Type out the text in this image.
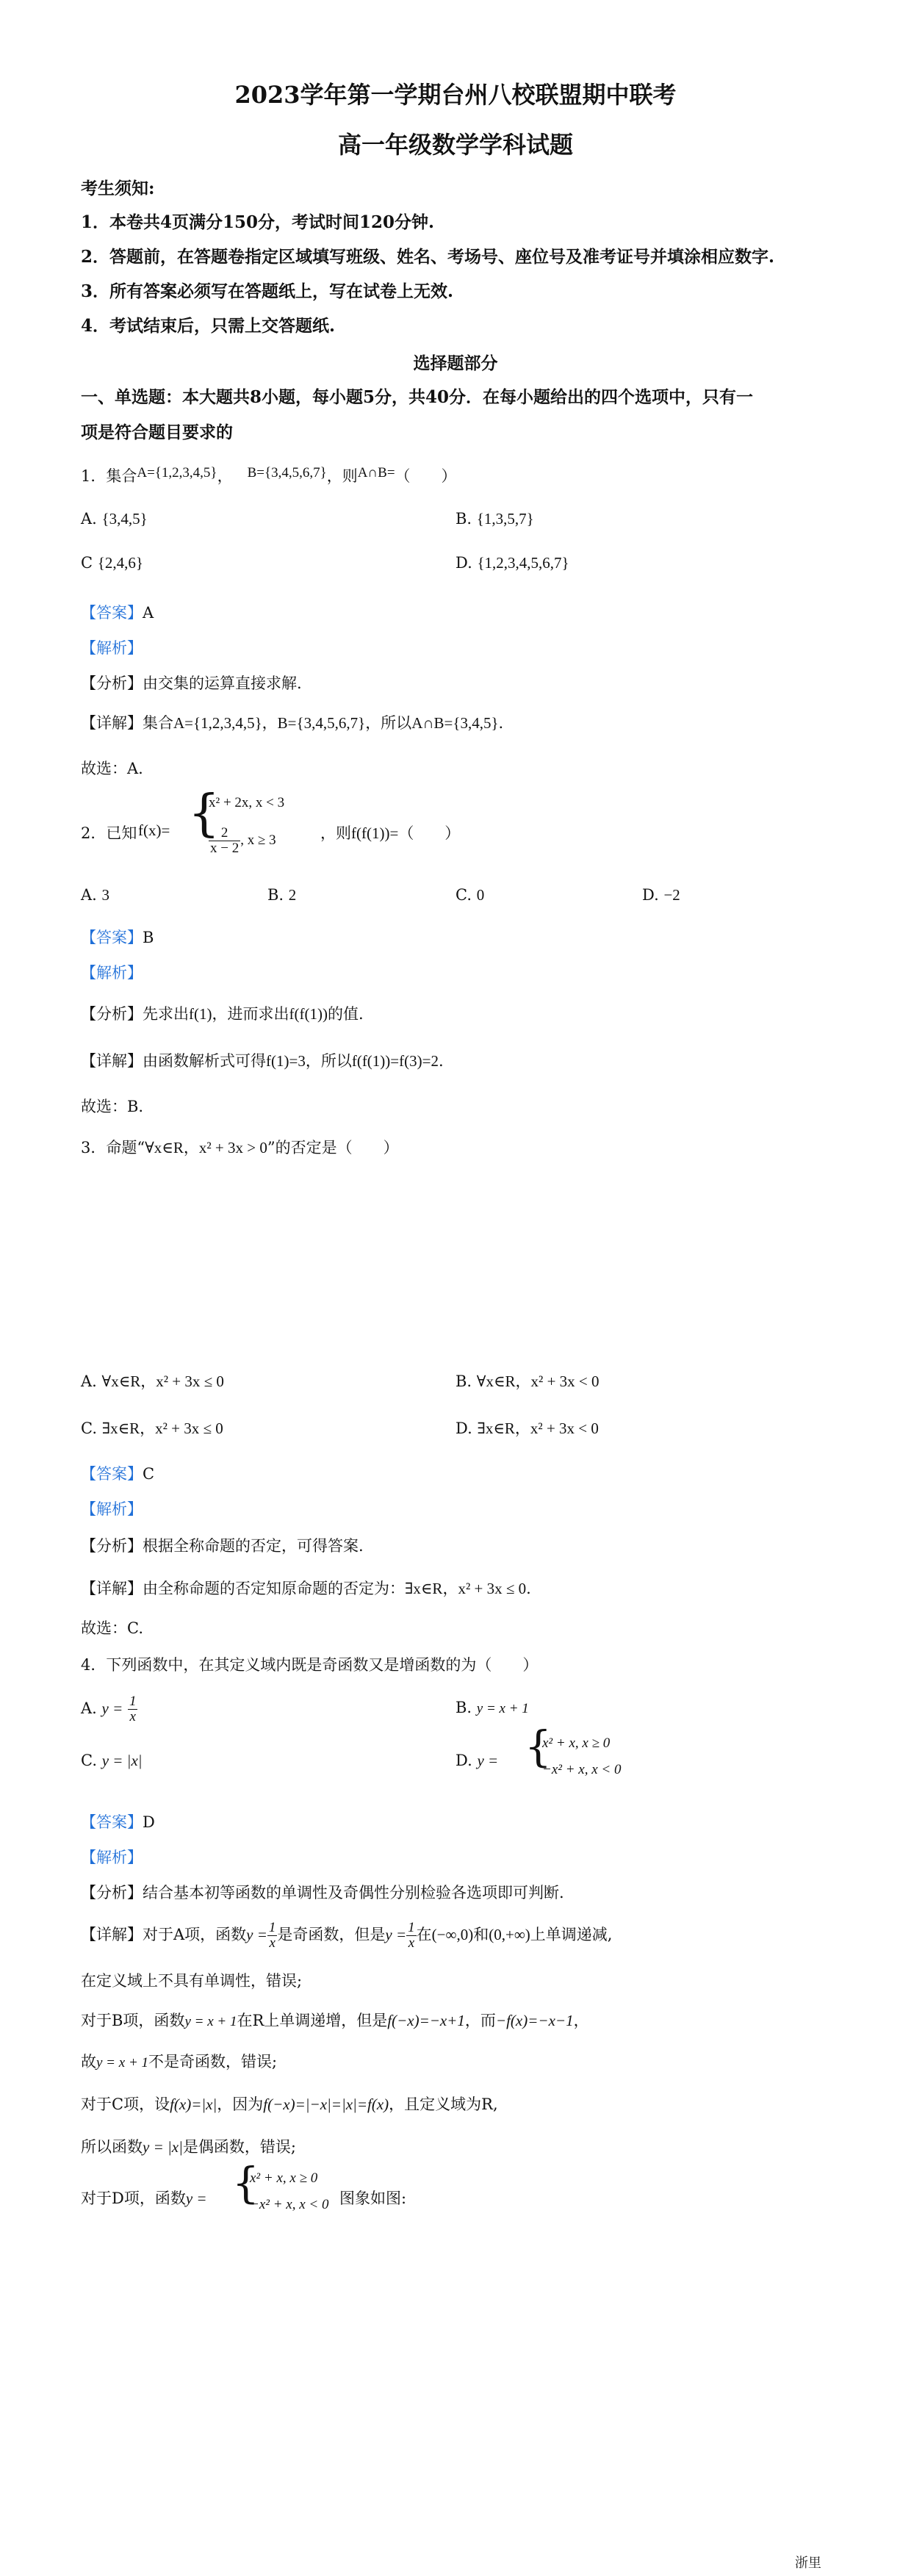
2023学年第一学期台州八校联盟期中联考
高一年级数学学科试题
考生须知:
1．本卷共4页满分150分，考试时间120分钟.
2．答题前，在答题卷指定区域填写班级、姓名、考场号、座位号及准考证号并填涂相应数字.
3．所有答案必须写在答题纸上，写在试卷上无效.
4．考试结束后，只需上交答题纸.
选择题部分
一、单选题：本大题共8小题，每小题5分，共40分．在每小题给出的四个选项中，只有一
项是符合题目要求的
1．集合A={1,2,3,4,5}， B={3,4,5,6,7}，则A∩B=（　　）
A. {3,4,5}	B. {1,3,5,7}
C {2,4,6}	D. {1,2,3,4,5,6,7}
【答案】A
【解析】
【分析】由交集的运算直接求解.
【详解】集合A={1,2,3,4,5}，B={3,4,5,6,7}，所以A∩B={3,4,5}.
故选：A.
2．已知 f(x)= {
x² + 2x, x < 3
$\frac{2}{x - 2}$ , x ≥ 3	，则f(f(1))=（　　）
A. 3	B. 2	C. 0	D. −2
【答案】B
【解析】
【分析】先求出f(1)，进而求出f(f(1))的值.
【详解】由函数解析式可得f(1)=3，所以f(f(1))=f(3)=2.
故选：B.
3．命题“∀x∈R，x² + 3x > 0”的否定是（　　）
A. ∀x∈R，x² + 3x ≤ 0	B. ∀x∈R，x² + 3x < 0
C. ∃x∈R，x² + 3x ≤ 0	D. ∃x∈R，x² + 3x < 0
【答案】C
【解析】
【分析】根据全称命题的否定，可得答案.
【详解】由全称命题的否定知原命题的否定为：∃x∈R，x² + 3x ≤ 0.
故选：C.
4．下列函数中，在其定义域内既是奇函数又是增函数的为（　　）
A. $y = \frac{1}{x}$	B. y = x + 1
C. y = |x|	D. y = {
x² + x, x ≥ 0
−x² + x, x < 0
【答案】D
【解析】
【分析】结合基本初等函数的单调性及奇偶性分别检验各选项即可判断.
【详解】对于A项，函数$y = \frac{1}{x}$ 是奇函数，但是$y = \frac{1}{x}$ 在(−∞,0)和(0,+∞)上单调递减,
在定义域上不具有单调性，错误;
对于B项，函数y = x + 1在R上单调递增，但是f(−x)=−x+1，而−f(x)=−x−1，
故y = x + 1不是奇函数，错误;
对于C项，设f(x)=|x|，因为f(−x)=|−x|=|x|=f(x)，且定义域为R,
所以函数y = |x|是偶函数，错误;
对于D项，函数y = {
x² + x, x ≥ 0
−x² + x, x < 0 图象如图:
浙里
